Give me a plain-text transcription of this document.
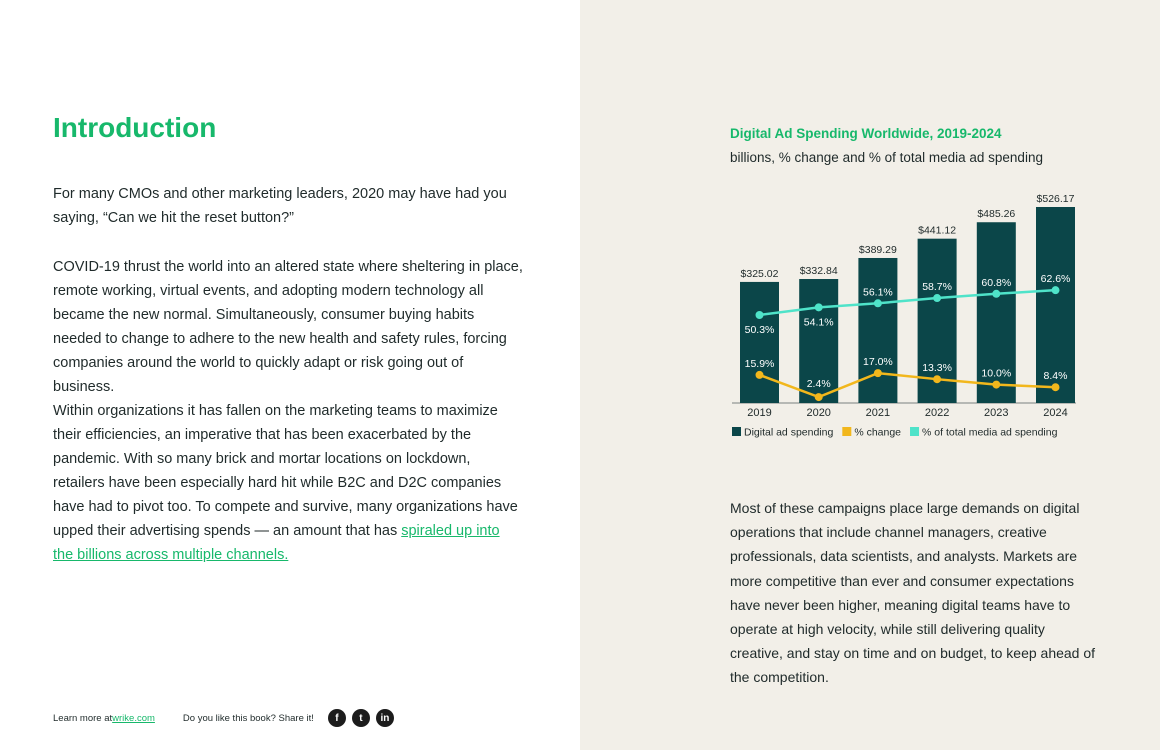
Introduction

For many CMOs and other marketing leaders, 2020 may have had you saying, “Can we hit the reset button?”

COVID-19 thrust the world into an altered state where sheltering in place, remote working, virtual events, and adopting modern technology all became the new normal. Simultaneously, consumer buying habits needed to change to adhere to the new health and safety rules, forcing companies around the world to quickly adapt or risk going out of business.

Within organizations it has fallen on the marketing teams to maximize their efficiencies, an imperative that has been exacerbated by the pandemic. With so many brick and mortar locations on lockdown, retailers have been especially hard hit while B2C and D2C companies have had to pivot too. To compete and survive, many organizations have upped their advertising spends — an amount that has spiraled up into the billions across multiple channels.

Learn more at wrike.com	Do you like this book? Share it!	f	t	in
Digital Ad Spending Worldwide, 2019-2024

billions, % change and % of total media ad spending

$325.02 $332.84
$389.29
$441.12
$485.26
$526.17
50.3%
54.1%
56.1%	58.7%	60.8%	62.6%
15.9%
2.4%
17.0%
13.3%	10.0%	8.4%
2019	2020	2021	2022	2023	2024
Digital ad spending % change % of total media ad spending

Most of these campaigns place large demands on digital operations that include channel managers, creative professionals, data scientists, and analysts. Markets are more competitive than ever and consumer expectations have never been higher, meaning digital teams have to operate at high velocity, while still delivering quality creative, and stay on time and on budget, to keep ahead of the competition.
